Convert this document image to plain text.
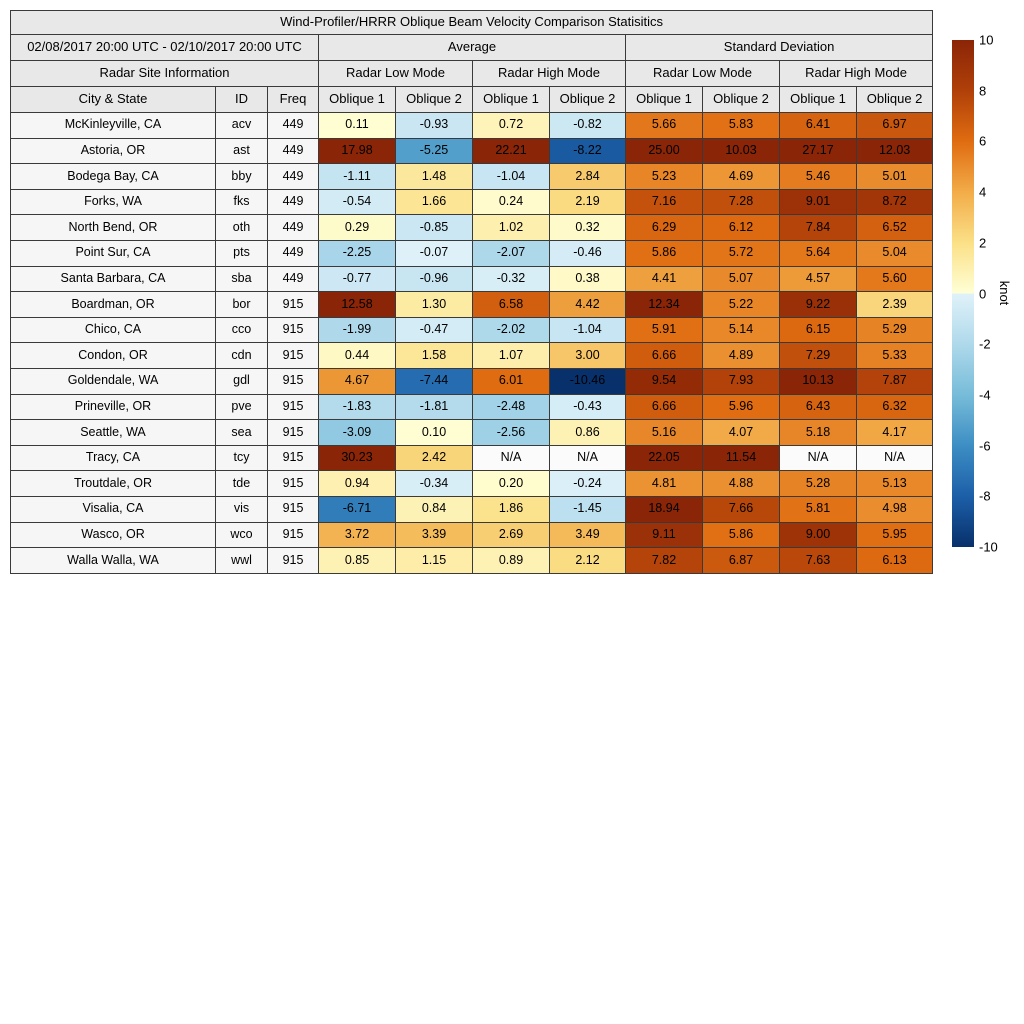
Wind-Profiler/HRRR Oblique Beam Velocity Comparison Statisitics										
02/08/2017 20:00 UTC - 02/10/2017 20:00 UTC			Average				Standard Deviation			
Radar Site Information			Radar Low Mode		Radar High Mode		Radar Low Mode		Radar High Mode	
City & State	ID	Freq	Oblique 1	Oblique 2	Oblique 1	Oblique 2	Oblique 1	Oblique 2	Oblique 1	Oblique 2
McKinleyville, CA	acv	449	0.11	-0.93	0.72	-0.82	5.66	5.83	6.41	6.97
Astoria, OR	ast	449	17.98	-5.25	22.21	-8.22	25.00	10.03	27.17	12.03
Bodega Bay, CA	bby	449	-1.11	1.48	-1.04	2.84	5.23	4.69	5.46	5.01
Forks, WA	fks	449	-0.54	1.66	0.24	2.19	7.16	7.28	9.01	8.72
North Bend, OR	oth	449	0.29	-0.85	1.02	0.32	6.29	6.12	7.84	6.52
Point Sur, CA	pts	449	-2.25	-0.07	-2.07	-0.46	5.86	5.72	5.64	5.04
Santa Barbara, CA	sba	449	-0.77	-0.96	-0.32	0.38	4.41	5.07	4.57	5.60
Boardman, OR	bor	915	12.58	1.30	6.58	4.42	12.34	5.22	9.22	2.39
Chico, CA	cco	915	-1.99	-0.47	-2.02	-1.04	5.91	5.14	6.15	5.29
Condon, OR	cdn	915	0.44	1.58	1.07	3.00	6.66	4.89	7.29	5.33
Goldendale, WA	gdl	915	4.67	-7.44	6.01	-10.46	9.54	7.93	10.13	7.87
Prineville, OR	pve	915	-1.83	-1.81	-2.48	-0.43	6.66	5.96	6.43	6.32
Seattle, WA	sea	915	-3.09	0.10	-2.56	0.86	5.16	4.07	5.18	4.17
Tracy, CA	tcy	915	30.23	2.42	N/A	N/A	22.05	11.54	N/A	N/A
Troutdale, OR	tde	915	0.94	-0.34	0.20	-0.24	4.81	4.88	5.28	5.13
Visalia, CA	vis	915	-6.71	0.84	1.86	-1.45	18.94	7.66	5.81	4.98
Wasco, OR	wco	915	3.72	3.39	2.69	3.49	9.11	5.86	9.00	5.95
Walla Walla, WA	wwl	915	0.85	1.15	0.89	2.12	7.82	6.87	7.63	6.13
10
8
6
4
2
0
-2
-4
-6
-8
-10
knot
